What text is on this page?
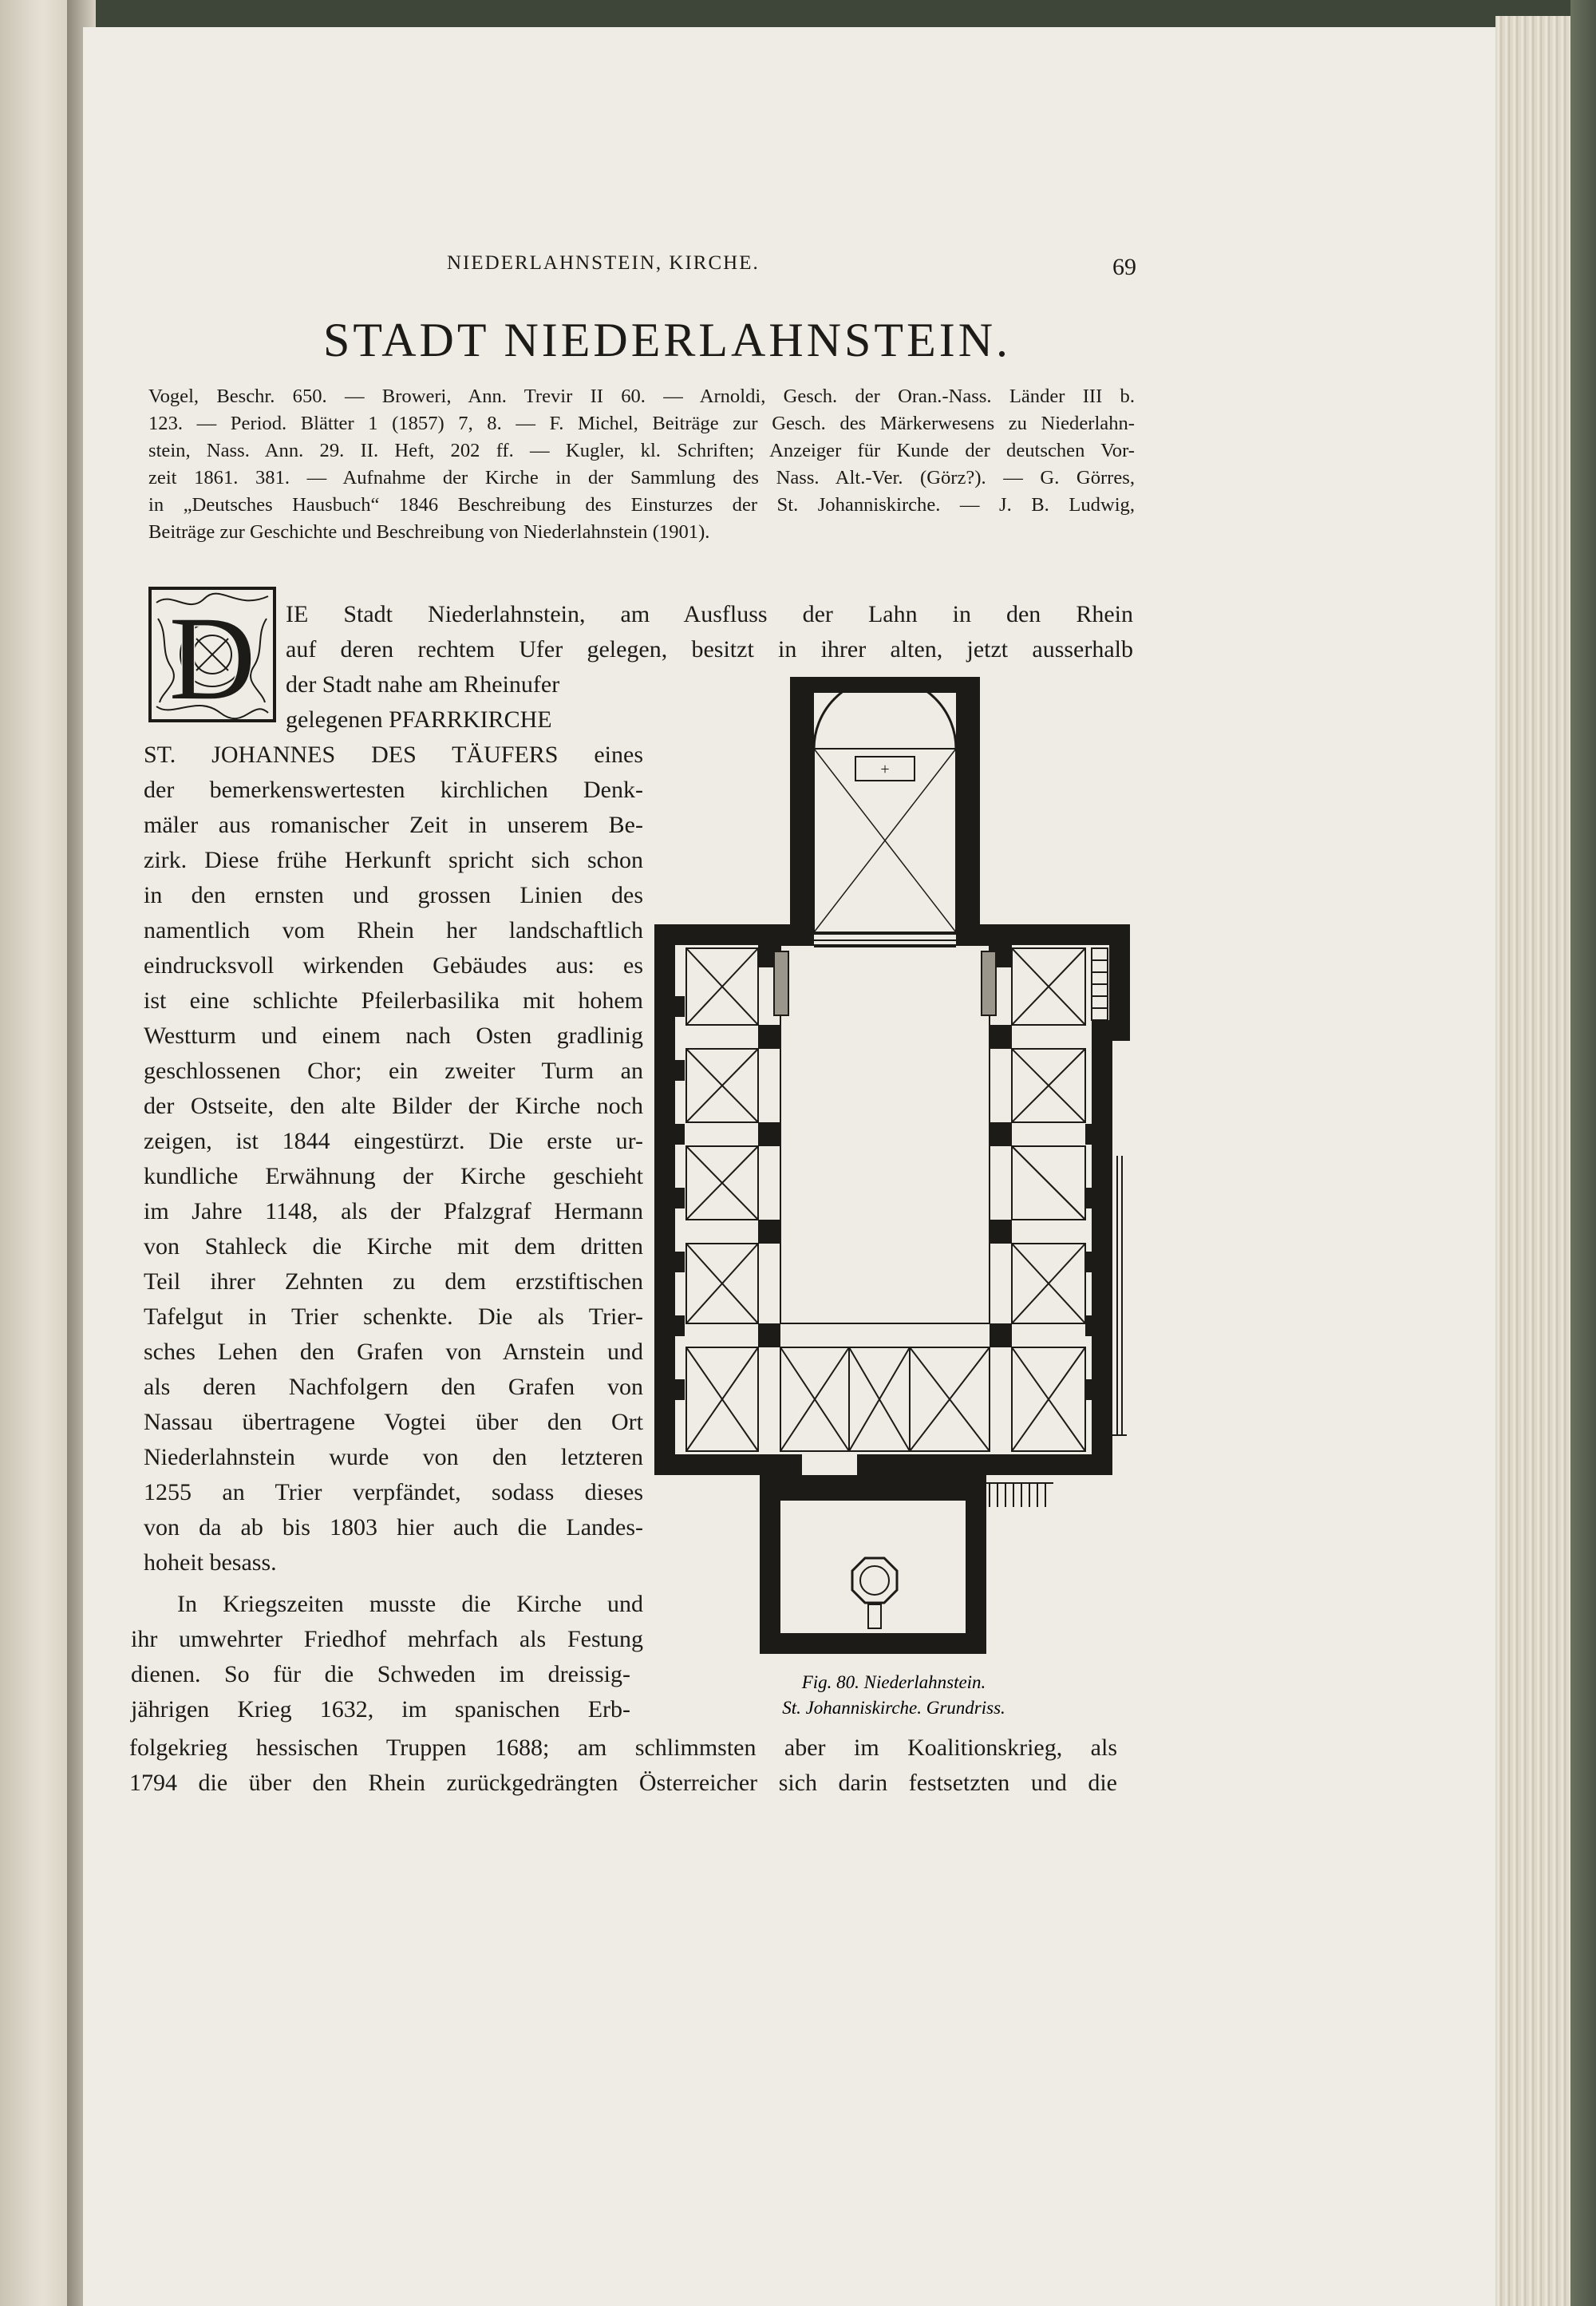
NIEDERLAHNSTEIN, KIRCHE.	69
STADT NIEDERLAHNSTEIN.
Vogel, Beschr. 650. — Broweri, Ann. Trevir II 60. — Arnoldi, Gesch. der Oran.-Nass. Länder III b.
123. — Period. Blätter 1 (1857) 7, 8. — F. Michel, Beiträge zur Gesch. des Märkerwesens zu Niederlahn-
stein, Nass. Ann. 29. II. Heft, 202 ff. — Kugler, kl. Schriften; Anzeiger für Kunde der deutschen Vor-
zeit 1861. 381. — Aufnahme der Kirche in der Sammlung des Nass. Alt.-Ver. (Görz?). — G. Görres,
in „Deutsches Hausbuch“ 1846 Beschreibung des Einsturzes der St. Johanniskirche. — J. B. Ludwig,
Beiträge zur Geschichte und Beschreibung von Niederlahnstein (1901).
D IE Stadt Niederlahnstein, am Ausfluss der Lahn in den Rhein
auf deren rechtem Ufer gelegen, besitzt in ihrer alten, jetzt ausserhalb
der Stadt nahe am Rheinufer
gelegenen PFARRKIRCHE
ST. JOHANNES DES TÄUFERS eines
der bemerkenswertesten kirchlichen Denk-
mäler aus romanischer Zeit in unserem Be-
zirk. Diese frühe Herkunft spricht sich schon
in den ernsten und grossen Linien des
namentlich vom Rhein her landschaftlich
eindrucksvoll wirkenden Gebäudes aus: es
ist eine schlichte Pfeilerbasilika mit hohem
Westturm und einem nach Osten gradlinig
geschlossenen Chor; ein zweiter Turm an
der Ostseite, den alte Bilder der Kirche noch
zeigen, ist 1844 eingestürzt. Die erste ur-
kundliche Erwähnung der Kirche geschieht
im Jahre 1148, als der Pfalzgraf Hermann
von Stahleck die Kirche mit dem dritten
Teil ihrer Zehnten zu dem erzstiftischen
Tafelgut in Trier schenkte. Die als Trier-
sches Lehen den Grafen von Arnstein und
als deren Nachfolgern den Grafen von
Nassau übertragene Vogtei über den Ort
Niederlahnstein wurde von den letzteren
1255 an Trier verpfändet, sodass dieses
von da ab bis 1803 hier auch die Landes-
hoheit besass.
In Kriegszeiten musste die Kirche und
ihr umwehrter Friedhof mehrfach als Festung
dienen. So für die Schweden im dreissig-
jährigen Krieg 1632, im spanischen Erb-
folgekrieg hessischen Truppen 1688; am schlimmsten aber im Koalitionskrieg, als
1794 die über den Rhein zurückgedrängten Österreicher sich darin festsetzten und die
+
Fig. 80. Niederlahnstein.
St. Johanniskirche. Grundriss.
